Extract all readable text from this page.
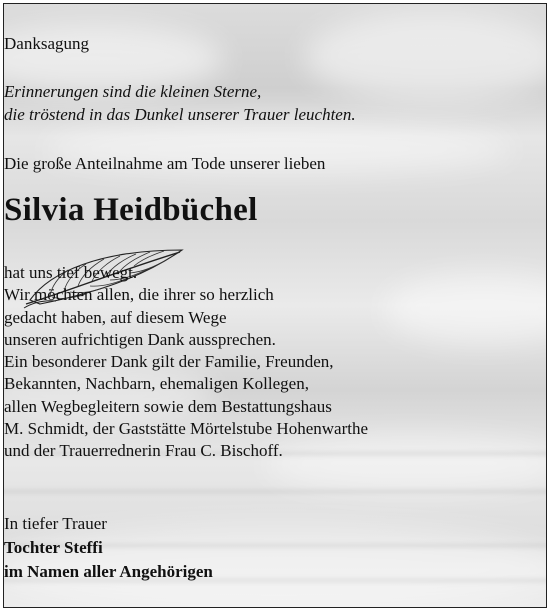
Danksagung
Erinnerungen sind die kleinen Sterne,
die tröstend in das Dunkel unserer Trauer leuchten.
Die große Anteilnahme am Tode unserer lieben
Silvia Heidbüchel
hat uns tief bewegt.
Wir möchten allen, die ihrer so herzlich
gedacht haben, auf diesem Wege
unseren aufrichtigen Dank aussprechen.
Ein besonderer Dank gilt der Familie, Freunden,
Bekannten, Nachbarn, ehemaligen Kollegen,
allen Wegbegleitern sowie dem Bestattungshaus
M. Schmidt, der Gaststätte Mörtelstube Hohenwarthe
und der Trauerrednerin Frau C. Bischoff.
In tiefer Trauer
Tochter Steffi
im Namen aller Angehörigen
